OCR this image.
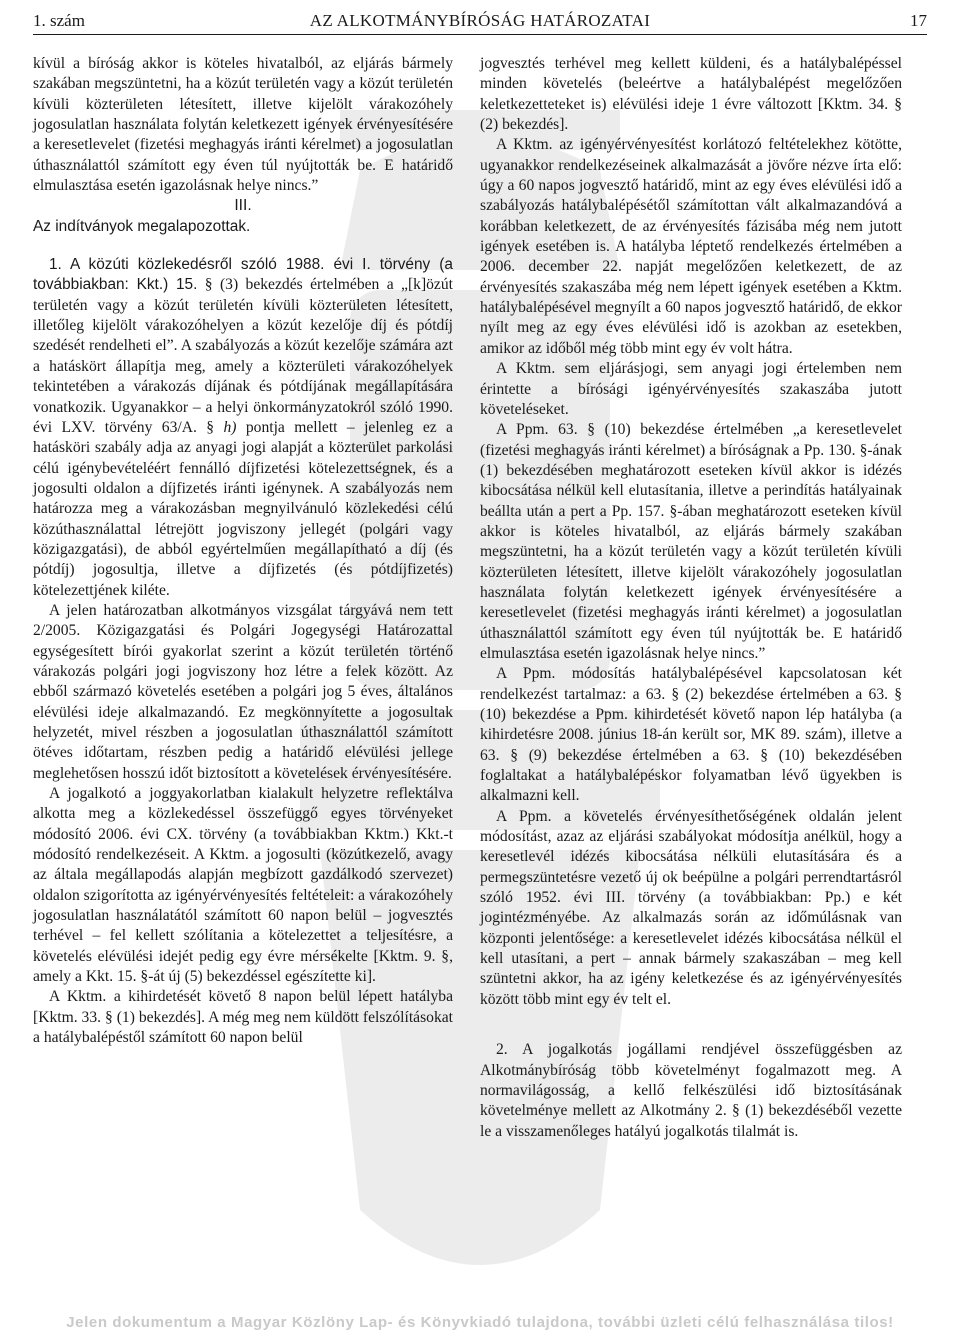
1. szám	AZ ALKOTMÁNYBÍRÓSÁG HATÁROZATAI	17

kívül a bíróság akkor is köteles hivatalból, az eljárás bármely szakában megszüntetni, ha a közút területén vagy a közút területén kívüli közterületen létesített, illetve kijelölt várakozóhely jogosulatlan használata folytán keletkezett igények érvényesítésére a keresetlevelet (fizetési meghagyás iránti kérelmet) a jogosulatlan úthasználattól számított egy éven túl nyújtották be. E határidő elmulasztása esetén igazolásnak helye nincs.”

III.

Az indítványok megalapozottak.

1. A közúti közlekedésről szóló 1988. évi I. törvény (a továbbiakban: Kkt.) 15. § (3) bekezdés értelmében a „[k]özút területén vagy a közút területén kívüli közterületen létesített, illetőleg kijelölt várakozóhelyen a közút kezelője díj és pótdíj szedését rendelheti el”. A szabályozás a közút kezelője számára azt a hatáskört állapítja meg, amely a közterületi várakozóhelyek tekintetében a várakozás díjának és pótdíjának megállapítására vonatkozik. Ugyanakkor – a helyi önkormányzatokról szóló 1990. évi LXV. törvény 63/A. § h) pontja mellett – jelenleg ez a hatásköri szabály adja az anyagi jogi alapját a közterület parkolási célú igénybevételéért fennálló díjfizetési kötelezettségnek, és a jogosulti oldalon a díjfizetés iránti igénynek. A szabályozás nem határozza meg a várakozásban megnyilvánuló közlekedési célú közúthasználattal létrejött jogviszony jellegét (polgári vagy közigazgatási), de abból egyértelműen megállapítható a díj (és pótdíj) jogosultja, illetve a díjfizetés (és pótdíjfizetés) kötelezettjének kiléte.

A jelen határozatban alkotmányos vizsgálat tárgyává nem tett 2/2005. Közigazgatási és Polgári Jogegységi Határozattal egységesített bírói gyakorlat szerint a közút területén történő várakozás polgári jogi jogviszony hoz létre a felek között. Az ebből származó követelés esetében a polgári jog 5 éves, általános elévülési ideje alkalmazandó. Ez megkönnyítette a jogosultak helyzetét, mivel részben a jogosulatlan úthasználattól számított ötéves időtartam, részben pedig a határidő elévülési jellege meglehetősen hosszú időt biztosított a követelések érvényesítésére.

A jogalkotó a joggyakorlatban kialakult helyzetre reflektálva alkotta meg a közlekedéssel összefüggő egyes törvényeket módosító 2006. évi CX. törvény (a továbbiakban Kktm.) Kkt.-t módosító rendelkezéseit. A Kktm. a jogosulti (közútkezelő, avagy az általa megállapodás alapján megbízott gazdálkodó szervezet) oldalon szigorította az igényérvényesítés feltételeit: a várakozóhely jogosulatlan használatától számított 60 napon belül – jogvesztés terhével – fel kellett szólítania a kötelezettet a teljesítésre, a követelés elévülési idejét pedig egy évre mérsékelte [Kktm. 9. §, amely a Kkt. 15. §-át új (5) bekezdéssel egészítette ki].

A Kktm. a kihirdetését követő 8 napon belül lépett hatályba [Kktm. 33. § (1) bekezdés]. A még meg nem küldött felszólításokat a hatálybalépéstől számított 60 napon belül

jogvesztés terhével meg kellett küldeni, és a hatálybalépéssel minden követelés (beleértve a hatálybalépést megelőzően keletkezetteteket is) elévülési ideje 1 évre változott [Kktm. 34. § (2) bekezdés].

A Kktm. az igényérvényesítést korlátozó feltételekhez kötötte, ugyanakkor rendelkezéseinek alkalmazását a jövőre nézve írta elő: úgy a 60 napos jogvesztő határidő, mint az egy éves elévülési idő a szabályozás hatálybalépésétől számítottan vált alkalmazandóvá a korábban keletkezett, de az érvényesítés fázisába még nem jutott igények esetében is. A hatályba léptető rendelkezés értelmében a 2006. december 22. napját megelőzően keletkezett, de az érvényesítés szakaszába még nem lépett igények esetében a Kktm. hatálybalépésével megnyílt a 60 napos jogvesztő határidő, de ekkor nyílt meg az egy éves elévülési idő is azokban az esetekben, amikor az időből még több mint egy év volt hátra.

A Kktm. sem eljárásjogi, sem anyagi jogi értelemben nem érintette a bírósági igényérvényesítés szakaszába jutott követeléseket.

A Ppm. 63. § (10) bekezdése értelmében „a keresetlevelet (fizetési meghagyás iránti kérelmet) a bíróságnak a Pp. 130. §-ának (1) bekezdésében meghatározott eseteken kívül akkor is idézés kibocsátása nélkül kell elutasítania, illetve a perindítás hatályainak beállta után a pert a Pp. 157. §-ában meghatározott eseteken kívül akkor is köteles hivatalból, az eljárás bármely szakában megszüntetni, ha a közút területén vagy a közút területén kívüli közterületen létesített, illetve kijelölt várakozóhely jogosulatlan használata folytán keletkezett igények érvényesítésére a keresetlevelet (fizetési meghagyás iránti kérelmet) a jogosulatlan úthasználattól számított egy éven túl nyújtották be. E határidő elmulasztása esetén igazolásnak helye nincs.”

A Ppm. módosítás hatálybalépésével kapcsolatosan két rendelkezést tartalmaz: a 63. § (2) bekezdése értelmében a 63. § (10) bekezdése a Ppm. kihirdetését követő napon lép hatályba (a kihirdetésre 2008. június 18-án került sor, MK 89. szám), illetve a 63. § (9) bekezdése értelmében a 63. § (10) bekezdésében foglaltakat a hatálybalépéskor folyamatban lévő ügyekben is alkalmazni kell.

A Ppm. a követelés érvényesíthetőségének oldalán jelent módosítást, azaz az eljárási szabályokat módosítja anélkül, hogy a keresetlevél idézés kibocsátása nélküli elutasítására és a permegszüntetésre vezető új ok beépülne a polgári perrendtartásról szóló 1952. évi III. törvény (a továbbiakban: Pp.) e két jogintézményébe. Az alkalmazás során az időmúlásnak van központi jelentősége: a keresetlevelet idézés kibocsátása nélkül el kell utasítani, a pert – annak bármely szakaszában – meg kell szüntetni akkor, ha az igény keletkezése és az igényérvényesítés között több mint egy év telt el.

2. A jogalkotás jogállami rendjével összefüggésben az Alkotmánybíróság több követelményt fogalmazott meg. A normavilágosság, a kellő felkészülési idő biztosításának követelménye mellett az Alkotmány 2. § (1) bekezdéséből vezette le a visszamenőleges hatályú jogalkotás tilalmát is.

Jelen dokumentum a Magyar Közlöny Lap- és Könyvkiadó tulajdona, további üzleti célú felhasználása tilos!
